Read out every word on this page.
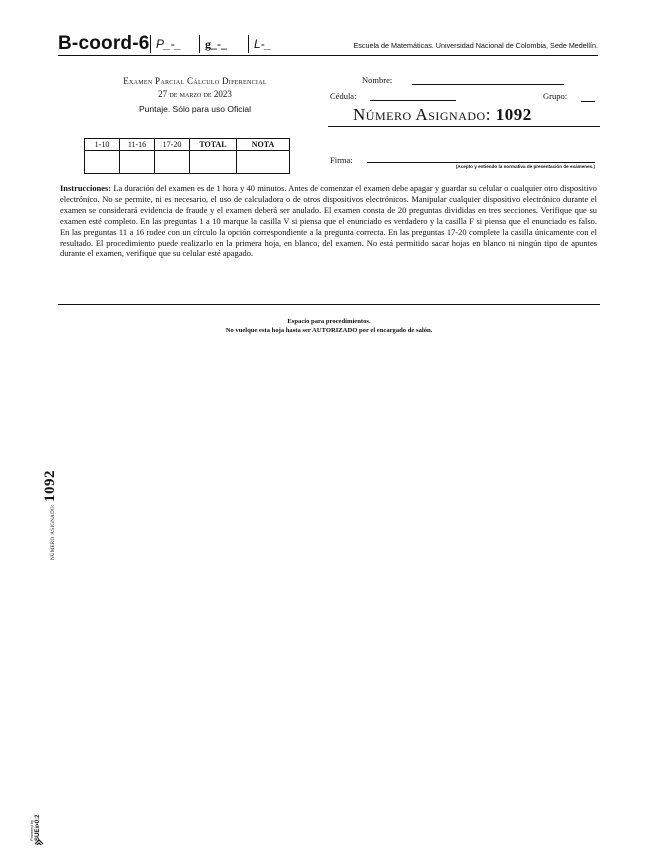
B-coord-6 P_-_ g_-_ L-_	Escuela de Matemáticas. Universidad Nacional de Colombia, Sede Medellín.
Examen Parcial Cálculo Diferencial
27 de marzo de 2023
Puntaje. Sólo para uso Oficial
1-10	11-16	17-20	TOTAL	NOTA

Nombre:
Cédula:	Grupo:
Número Asignado: 1092
Firma:
(Acepto y entiendo la normativa de presentación de exámenes.)
Instrucciones: La duración del examen es de 1 hora y 40 minutos. Antes de comenzar el examen debe apagar y guardar su celular o cualquier otro dispositivo electrónico. No se permite, ni es necesario, el uso de calculadora o de otros dispositivos electrónicos. Manipular cualquier dispositivo electrónico durante el examen se considerará evidencia de fraude y el examen deberá ser anulado. El examen consta de 20 preguntas divididas en tres secciones. Verifique que su examen esté completo. En las preguntas 1 a 10 marque la casilla V si piensa que el enunciado es verdadero y la casilla F si piensa que el enunciado es falso. En las preguntas 11 a 16 rodee con un círculo la opción correspondiente a la pregunta correcta. En las preguntas 17-20 complete la casilla únicamente con el resultado. El procedimiento puede realizarlo en la primera hoja, en blanco, del examen. No está permitido sacar hojas en blanco ni ningún tipo de apuntes durante el examen, verifique que su celular esté apagado.
Espacio para procedimientos.
No vuelque esta hoja hasta ser AUTORIZADO por el encargado de salón.
número asignado: 1092
Powered by SUEx•0:2
